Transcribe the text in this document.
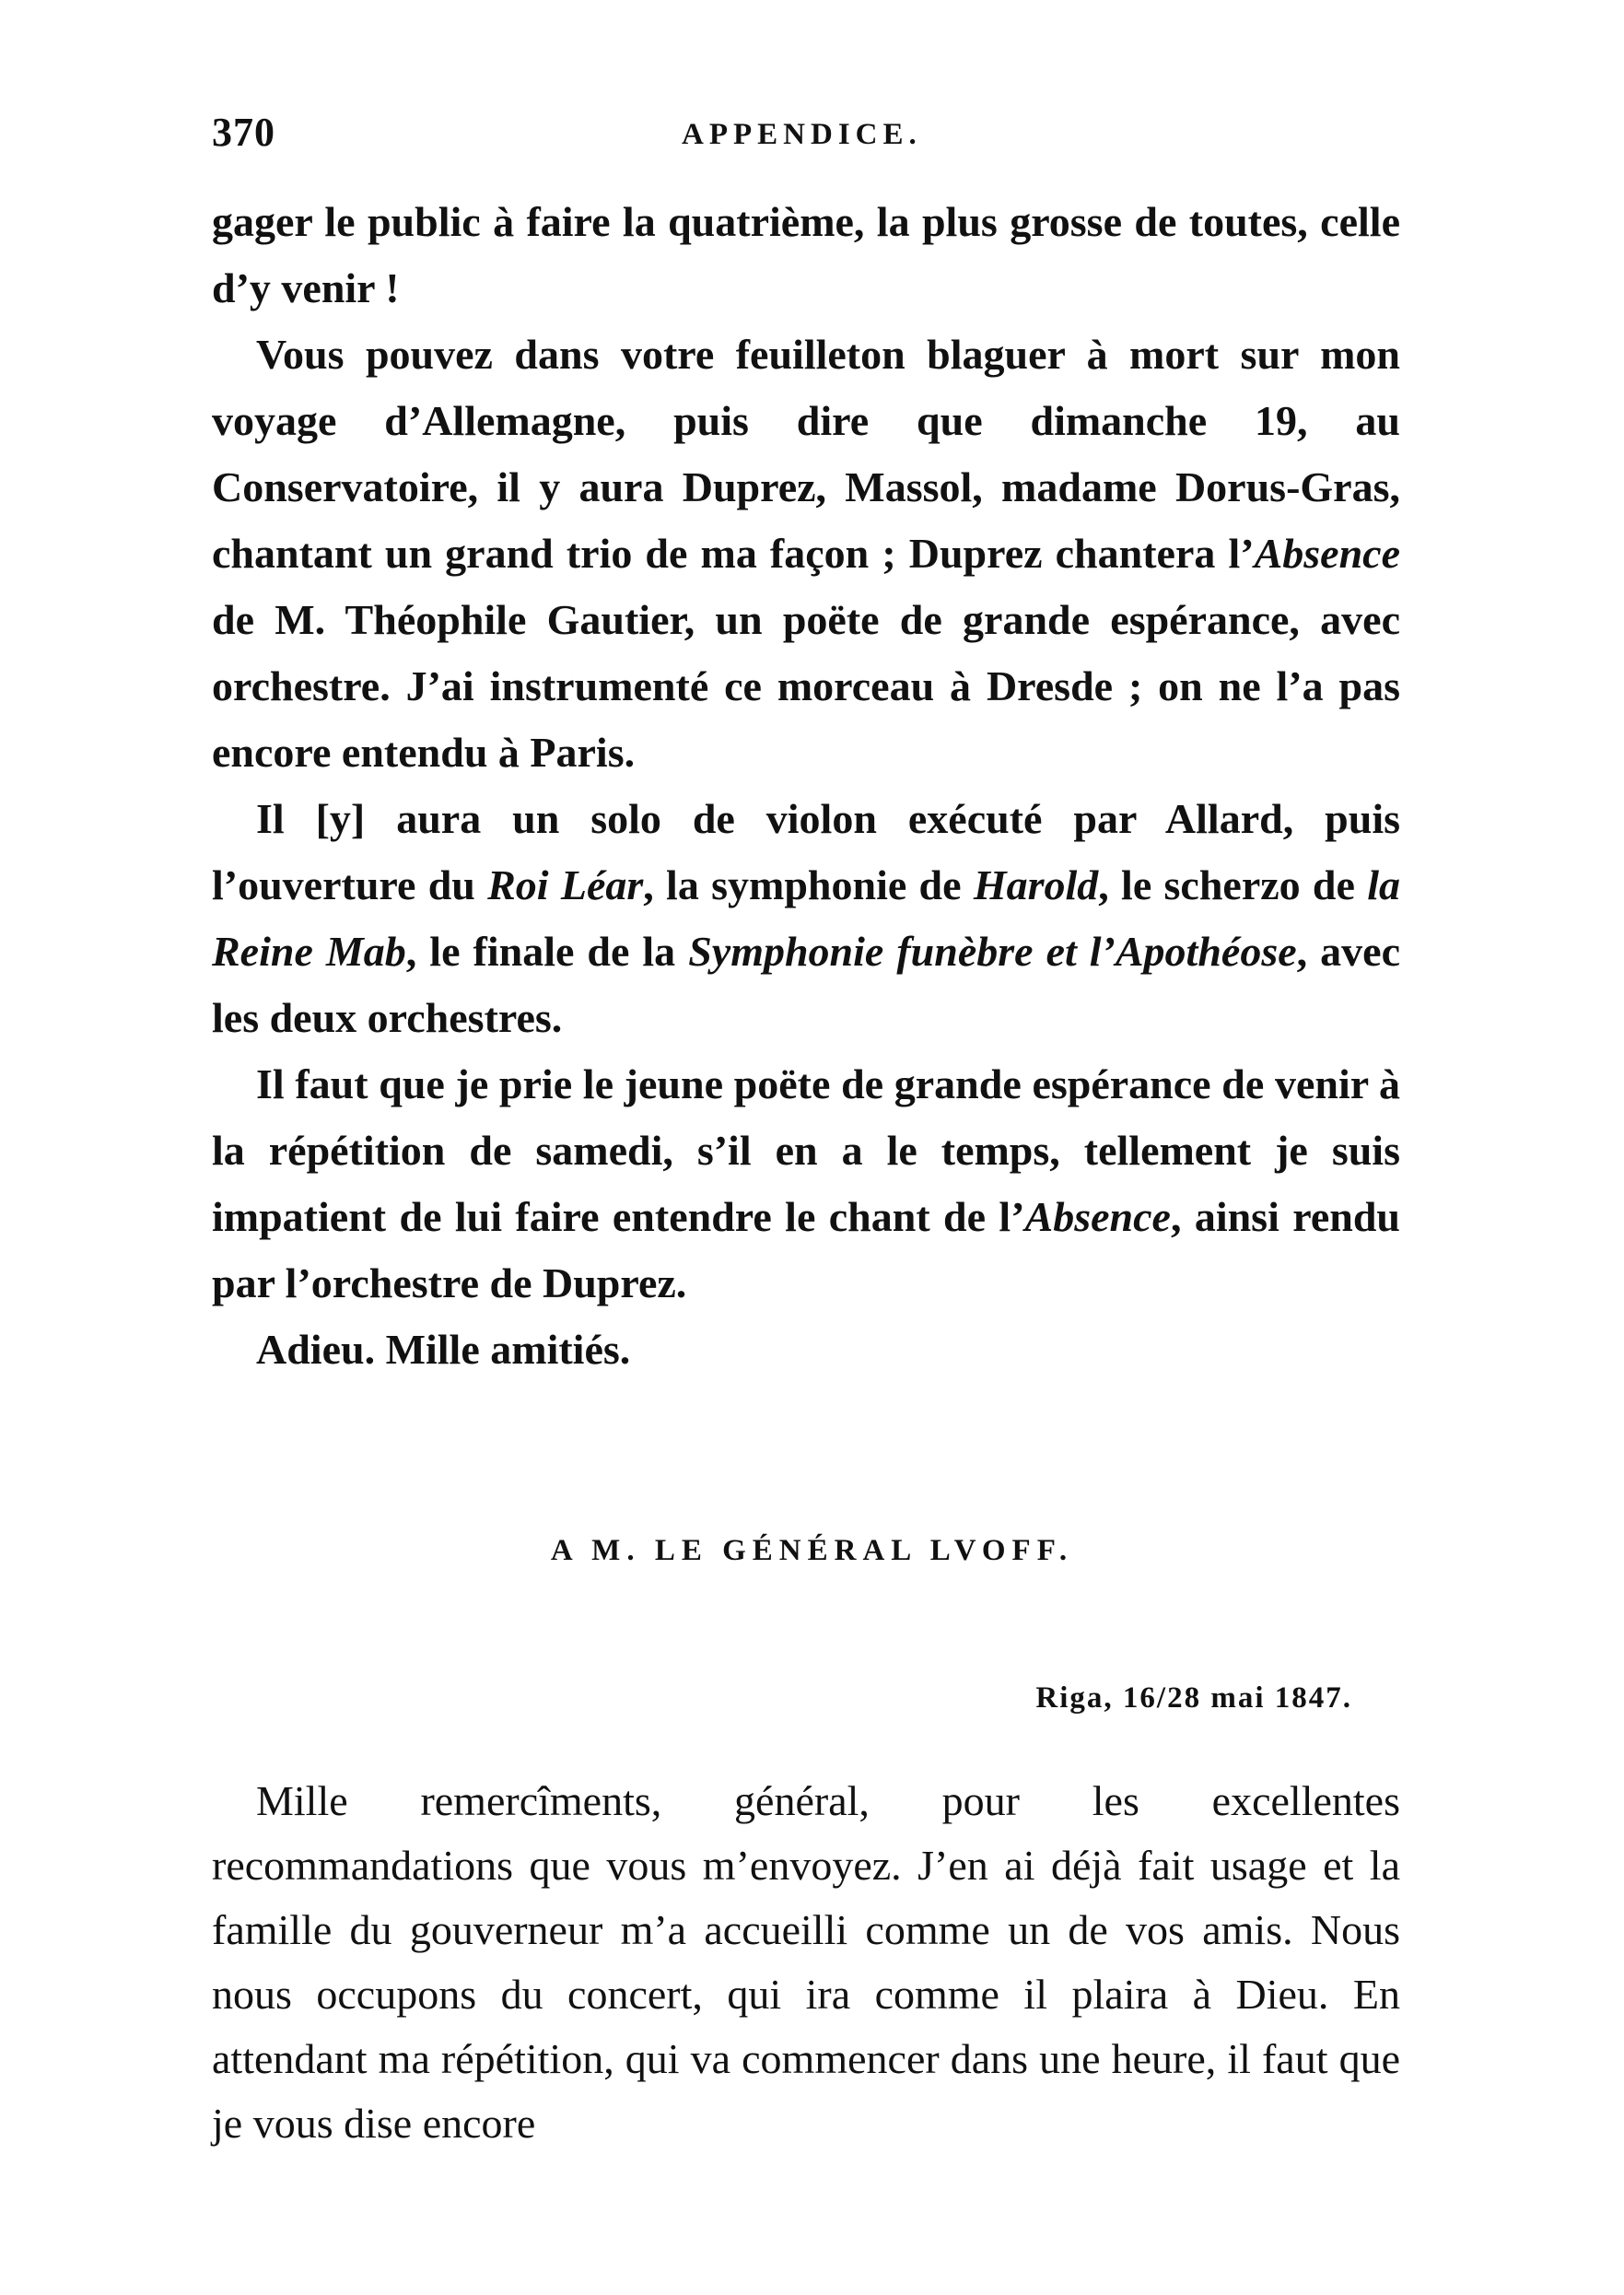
370	APPENDICE.

gager le public à faire la quatrième, la plus grosse de toutes, celle d’y venir !

Vous pouvez dans votre feuilleton blaguer à mort sur mon voyage d’Allemagne, puis dire que dimanche 19, au Conservatoire, il y aura Duprez, Massol, madame Dorus-Gras, chantant un grand trio de ma façon ; Duprez chantera l’Absence de M. Théophile Gautier, un poëte de grande espérance, avec orchestre. J’ai instrumenté ce morceau à Dresde ; on ne l’a pas encore entendu à Paris.

Il [y] aura un solo de violon exécuté par Allard, puis l’ouverture du Roi Léar, la symphonie de Harold, le scherzo de la Reine Mab, le finale de la Symphonie funèbre et l’Apothéose, avec les deux orchestres.

Il faut que je prie le jeune poëte de grande espérance de venir à la répétition de samedi, s’il en a le temps, tellement je suis impatient de lui faire entendre le chant de l’Absence, ainsi rendu par l’orchestre de Duprez.

Adieu. Mille amitiés.

A M. LE GÉNÉRAL LVOFF.
Riga, 16/28 mai 1847.

Mille remercîments, général, pour les excellentes recommandations que vous m’envoyez. J’en ai déjà fait usage et la famille du gouverneur m’a accueilli comme un de vos amis. Nous nous occupons du concert, qui ira comme il plaira à Dieu. En attendant ma répétition, qui va commencer dans une heure, il faut que je vous dise encore
